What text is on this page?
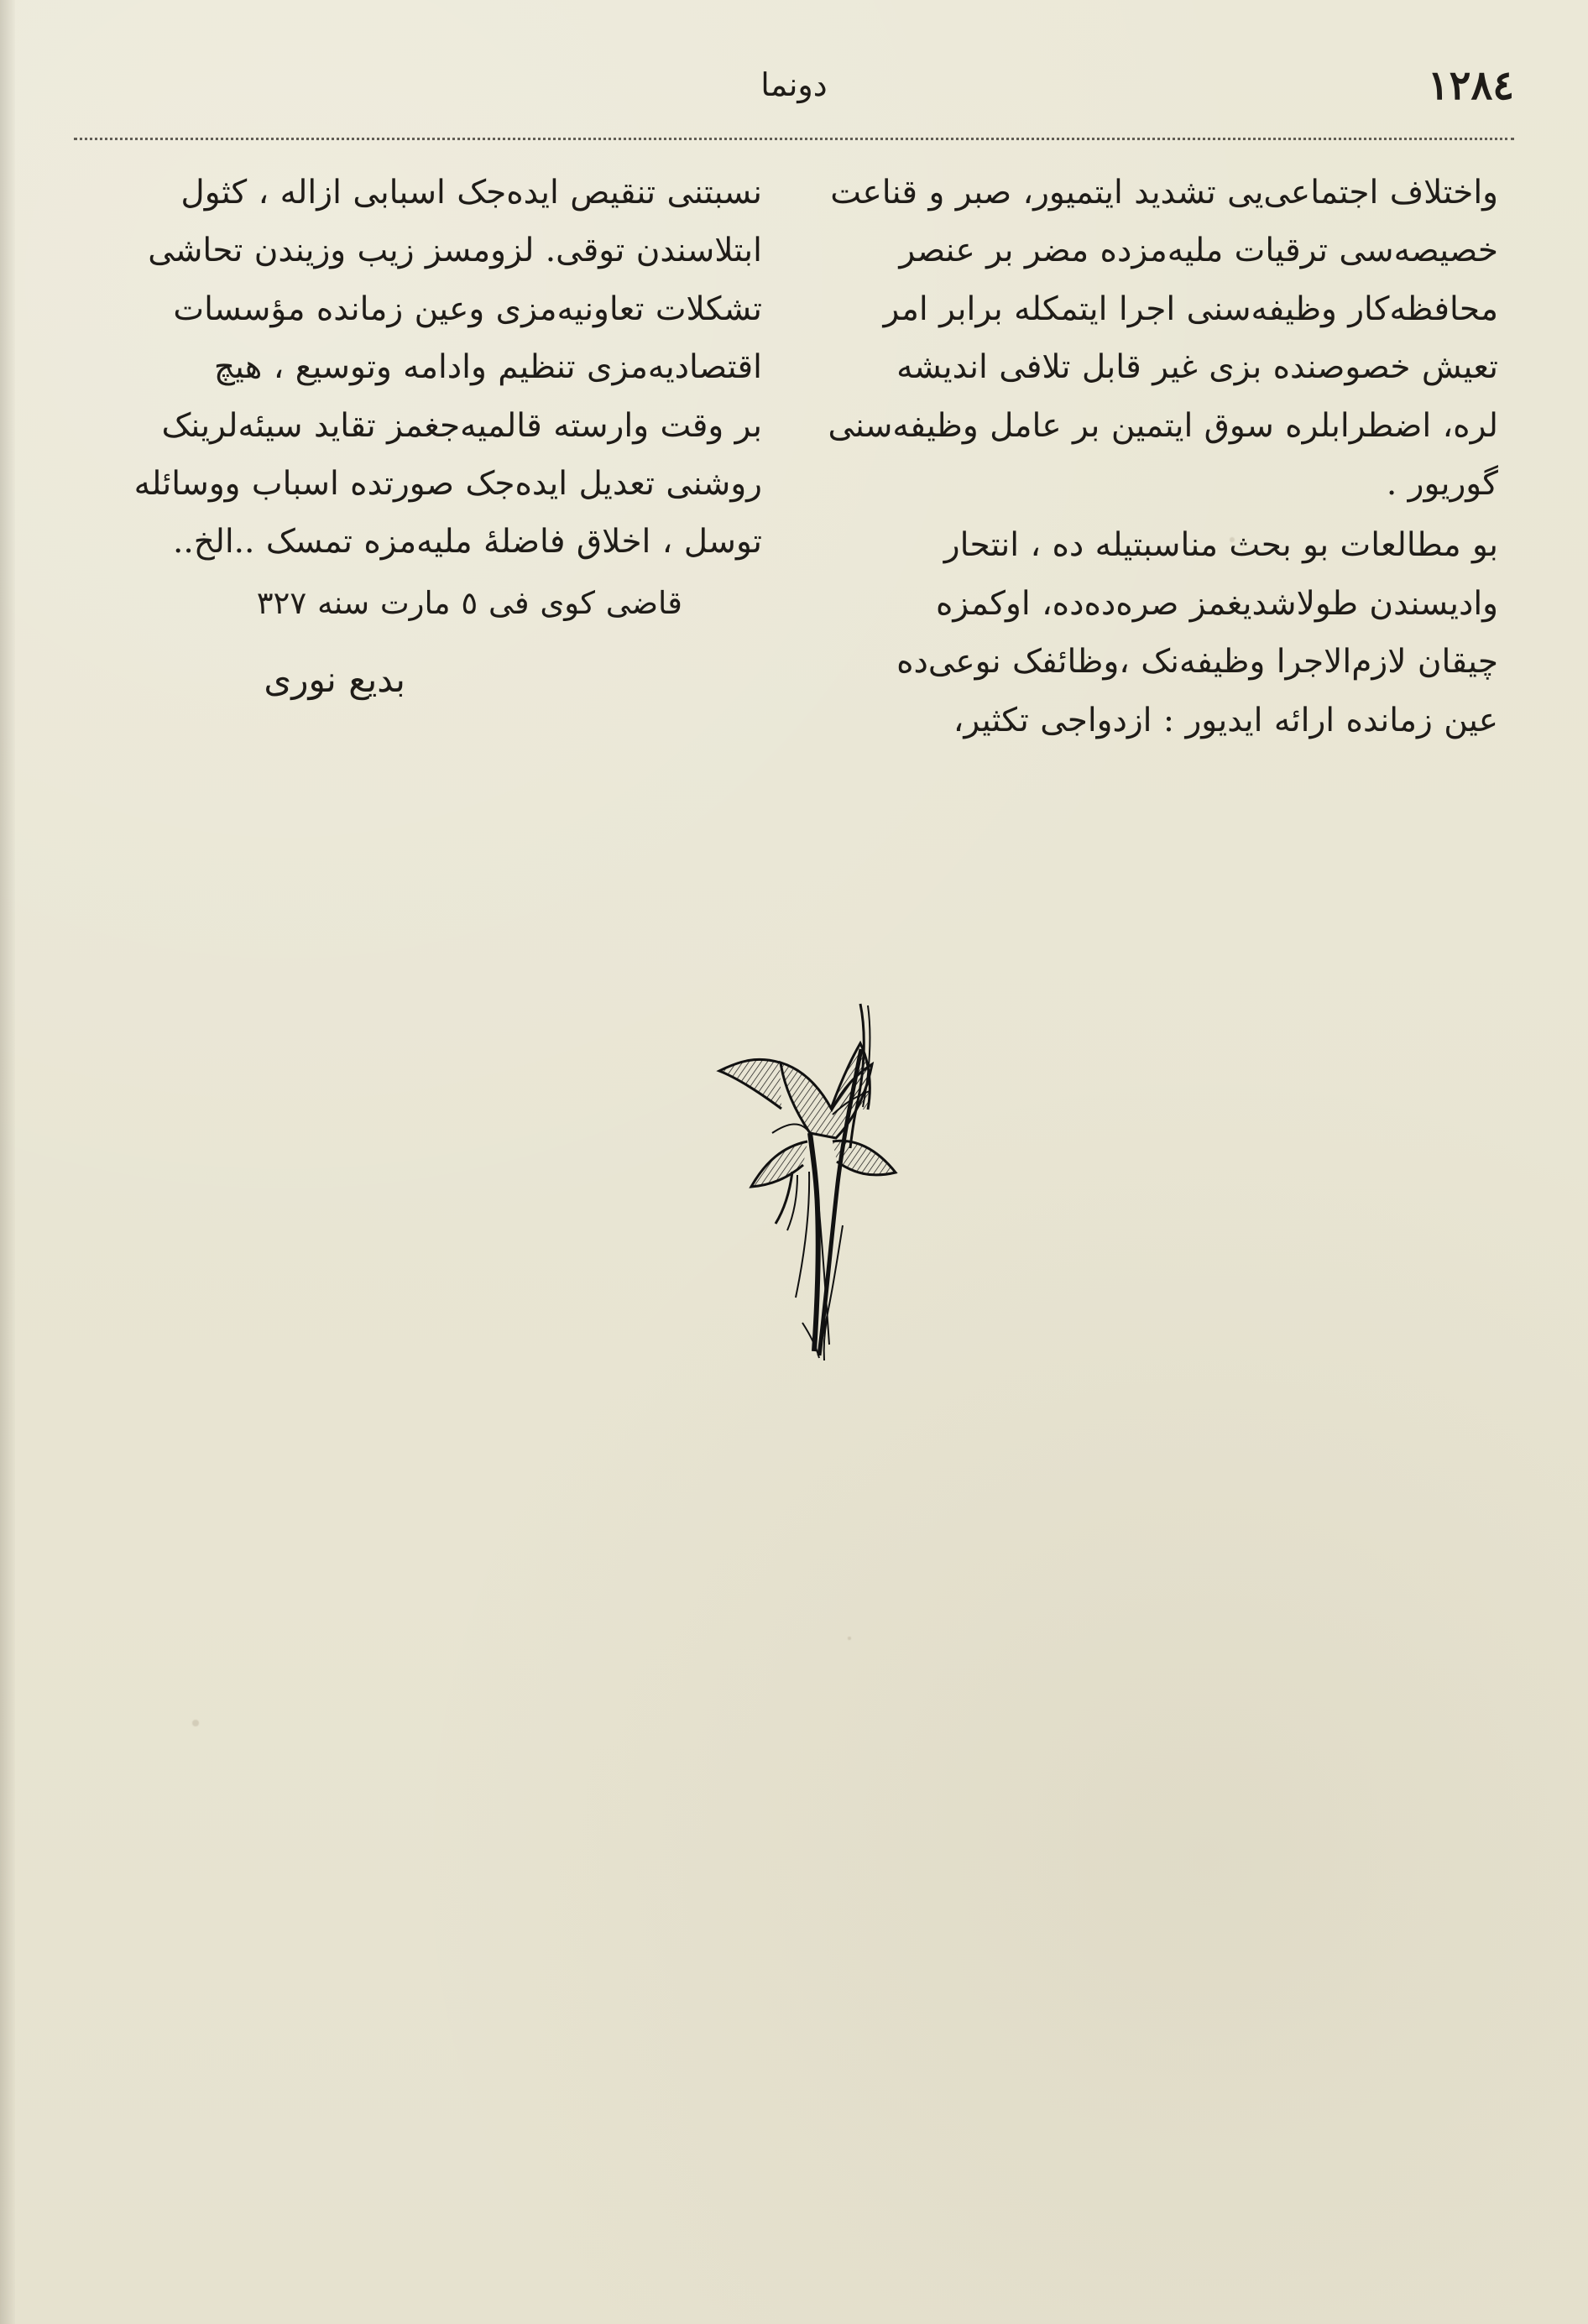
١٢٨٤
دونما
واختلاف اجتماعی‌یی تشدید ایتمیور، صبر و قناعت
خصیصه‌سی ترقیات ملیه‌مزده مضر بر عنصر
محافظه‌کار وظیفه‌سنی اجرا ایتمکله برابر امر
تعیش خصوصنده بزی غیر قابل تلافی اندیشه‌
لره، اضطرابلره سوق ایتمین بر عامل وظیفه‌سنی
گوریور .
بو مطالعات بو بحث مناسبتیله ده ، انتحار
وادیسندن طولاشدیغمز صره‌ده‌ده، اوکمزه
چیقان لازم‌الاجرا وظیفه‌نک ،وظائفک نوعی‌ده
عین زمانده ارائه ایدیور : ازدواجی تکثیر،
نسبتنی تنقیص ایده‌جک اسبابی ازاله ، کثول
ابتلاسندن توقی. لزومسز زیب وزیندن تحاشی
تشکلات تعاونیه‌مزی وعین زمانده مؤسسات
اقتصادیه‌مزی تنظیم وادامه وتوسیع ، هیچ
بر وقت وارسته قالمیه‌جغمز تقاید سیئه‌لرینک
روشنی تعدیل ایده‌جک صورتده اسباب ووسائله
توسل ، اخلاق فاضله‌ٔ ملیه‌مزه تمسک ..الخ..
قاضی کوی فی ٥ مارت سنه ٣٢٧
بدیع نوری
